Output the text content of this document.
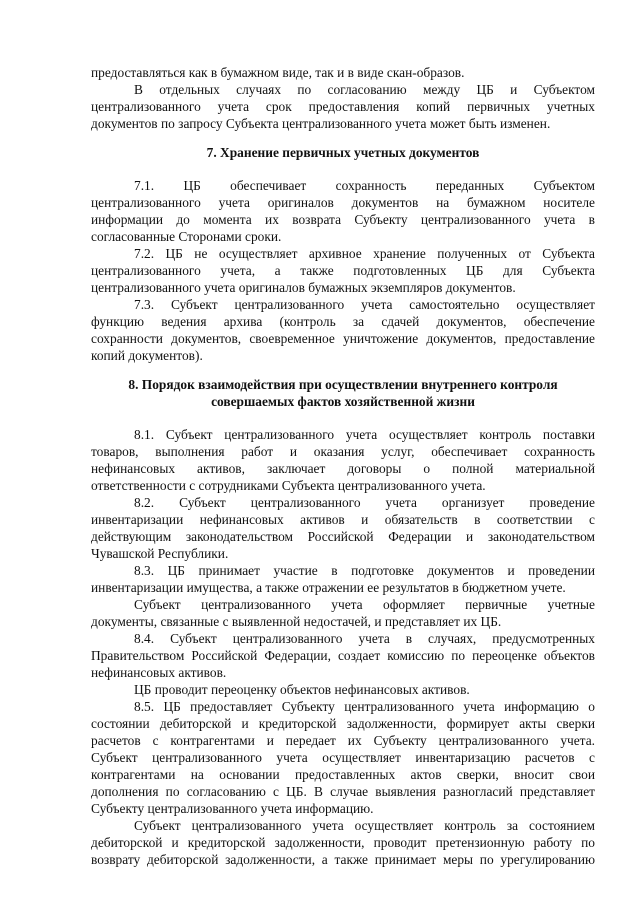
предоставляться как в бумажном виде, так и в виде скан-образов.
В отдельных случаях по согласованию между ЦБ и Субъектом
централизованного учета срок предоставления копий первичных учетных
документов по запросу Субъекта централизованного учета может быть изменен.
7. Хранение первичных учетных документов
7.1. ЦБ обеспечивает сохранность переданных Субъектом
централизованного учета оригиналов документов на бумажном носителе
информации до момента их возврата Субъекту централизованного учета в
согласованные Сторонами сроки.
7.2. ЦБ не осуществляет архивное хранение полученных от Субъекта
централизованного учета, а также подготовленных ЦБ для Субъекта
централизованного учета оригиналов бумажных экземпляров документов.
7.3. Субъект централизованного учета самостоятельно осуществляет
функцию ведения архива (контроль за сдачей документов, обеспечение
сохранности документов, своевременное уничтожение документов, предоставление
копий документов).
8. Порядок взаимодействия при осуществлении внутреннего контроля
совершаемых фактов хозяйственной жизни
8.1. Субъект централизованного учета осуществляет контроль поставки
товаров, выполнения работ и оказания услуг, обеспечивает сохранность
нефинансовых активов, заключает договоры о полной материальной
ответственности с сотрудниками Субъекта централизованного учета.
8.2. Субъект централизованного учета организует проведение
инвентаризации нефинансовых активов и обязательств в соответствии с
действующим законодательством Российской Федерации и законодательством
Чувашской Республики.
8.3. ЦБ принимает участие в подготовке документов и проведении
инвентаризации имущества, а также отражении ее результатов в бюджетном учете.
Субъект централизованного учета оформляет первичные учетные
документы, связанные с выявленной недостачей, и представляет их ЦБ.
8.4. Субъект централизованного учета в случаях, предусмотренных
Правительством Российской Федерации, создает комиссию по переоценке объектов
нефинансовых активов.
ЦБ проводит переоценку объектов нефинансовых активов.
8.5. ЦБ предоставляет Субъекту централизованного учета информацию о
состоянии дебиторской и кредиторской задолженности, формирует акты сверки
расчетов с контрагентами и передает их Субъекту централизованного учета.
Субъект централизованного учета осуществляет инвентаризацию расчетов с
контрагентами на основании предоставленных актов сверки, вносит свои
дополнения по согласованию с ЦБ. В случае выявления разногласий представляет
Субъекту централизованного учета информацию.
Субъект централизованного учета осуществляет контроль за состоянием
дебиторской и кредиторской задолженности, проводит претензионную работу по
возврату дебиторской задолженности, а также принимает меры по урегулированию
